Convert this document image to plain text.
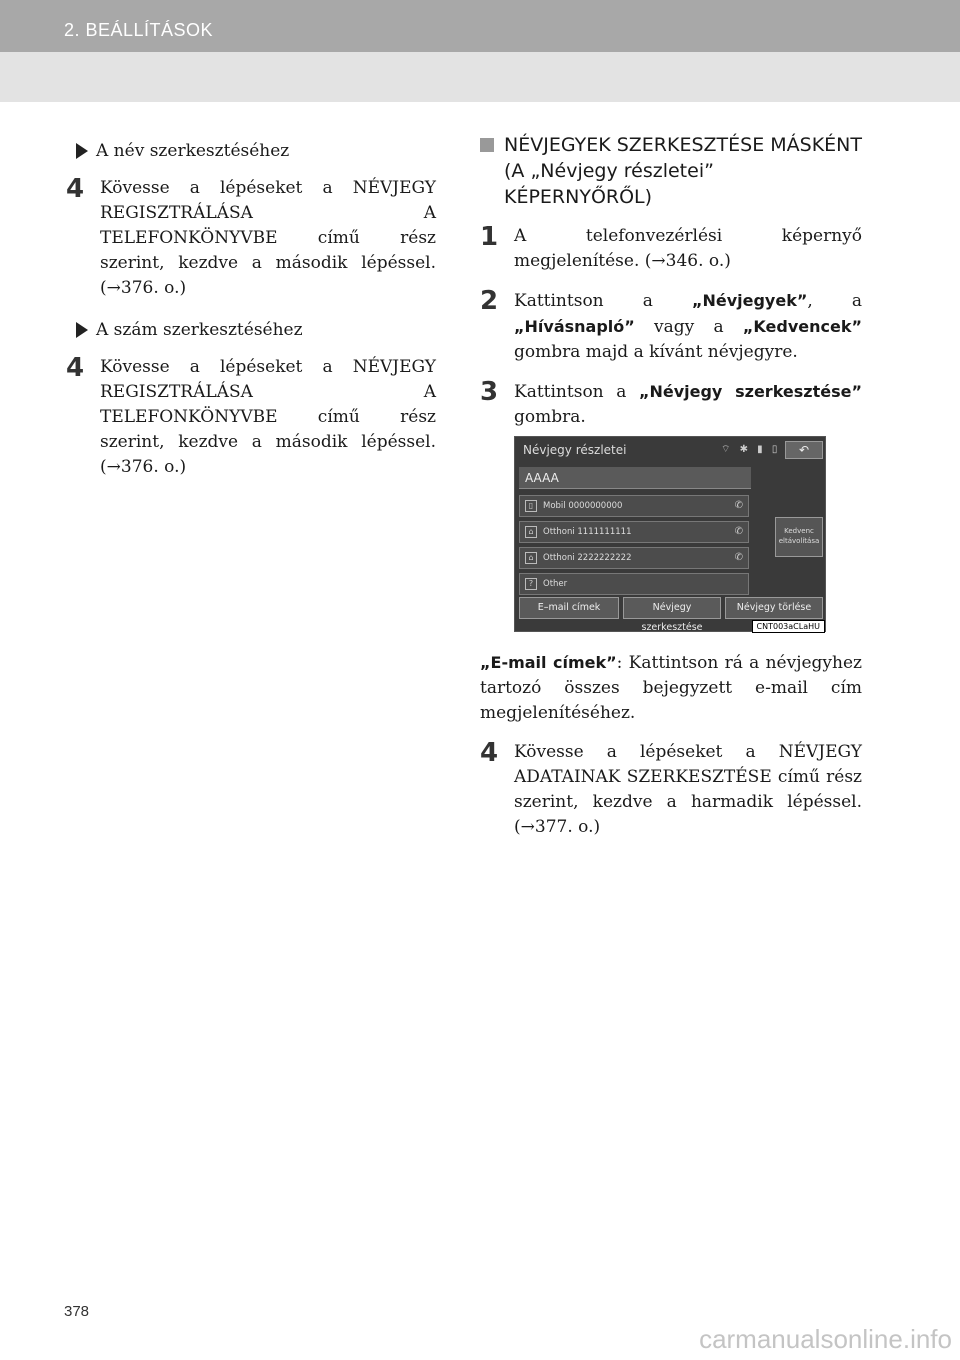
2. BEÁLLÍTÁSOK
A név szerkesztéséhez
4 Kövesse a lépéseket a NÉVJEGY REGISZTRÁLÁSA A TELEFONKÖNYVBE című rész szerint, kezdve a második lépéssel. (→376. o.)
A szám szerkesztéséhez
4 Kövesse a lépéseket a NÉVJEGY REGISZTRÁLÁSA A TELEFONKÖNYVBE című rész szerint, kezdve a második lépéssel. (→376. o.)
NÉVJEGYEK SZERKESZTÉSE MÁSKÉNT (A „Névjegy részletei” KÉPERNYŐRŐL)
1 A telefonvezérlési képernyő megjelenítése. (→346. o.)
2 Kattintson a „Névjegyek”, a „Hívásnapló” vagy a „Kedvencek” gombra majd a kívánt névjegyre.
3 Kattintson a „Névjegy szerkesztése” gombra.
Névjegy részletei	⌔ ✱ ▮ ▯	↶
AAAA
▯	Mobil 0000000000	✆
⌂	Otthoni 1111111111	✆
⌂	Otthoni 2222222222	✆
?	Other
Kedvenc eltávolítása
E–mail címek	Névjegy szerkesztése
Névjegy törlése
CNT003aCLaHU
„E-mail címek”: Kattintson rá a névjegyhez tartozó összes bejegyzett e-mail cím megjelenítéséhez.
4 Kövesse a lépéseket a NÉVJEGY ADATAINAK SZERKESZTÉSE című rész szerint, kezdve a harmadik lépéssel. (→377. o.)
378
carmanualsonline.info
